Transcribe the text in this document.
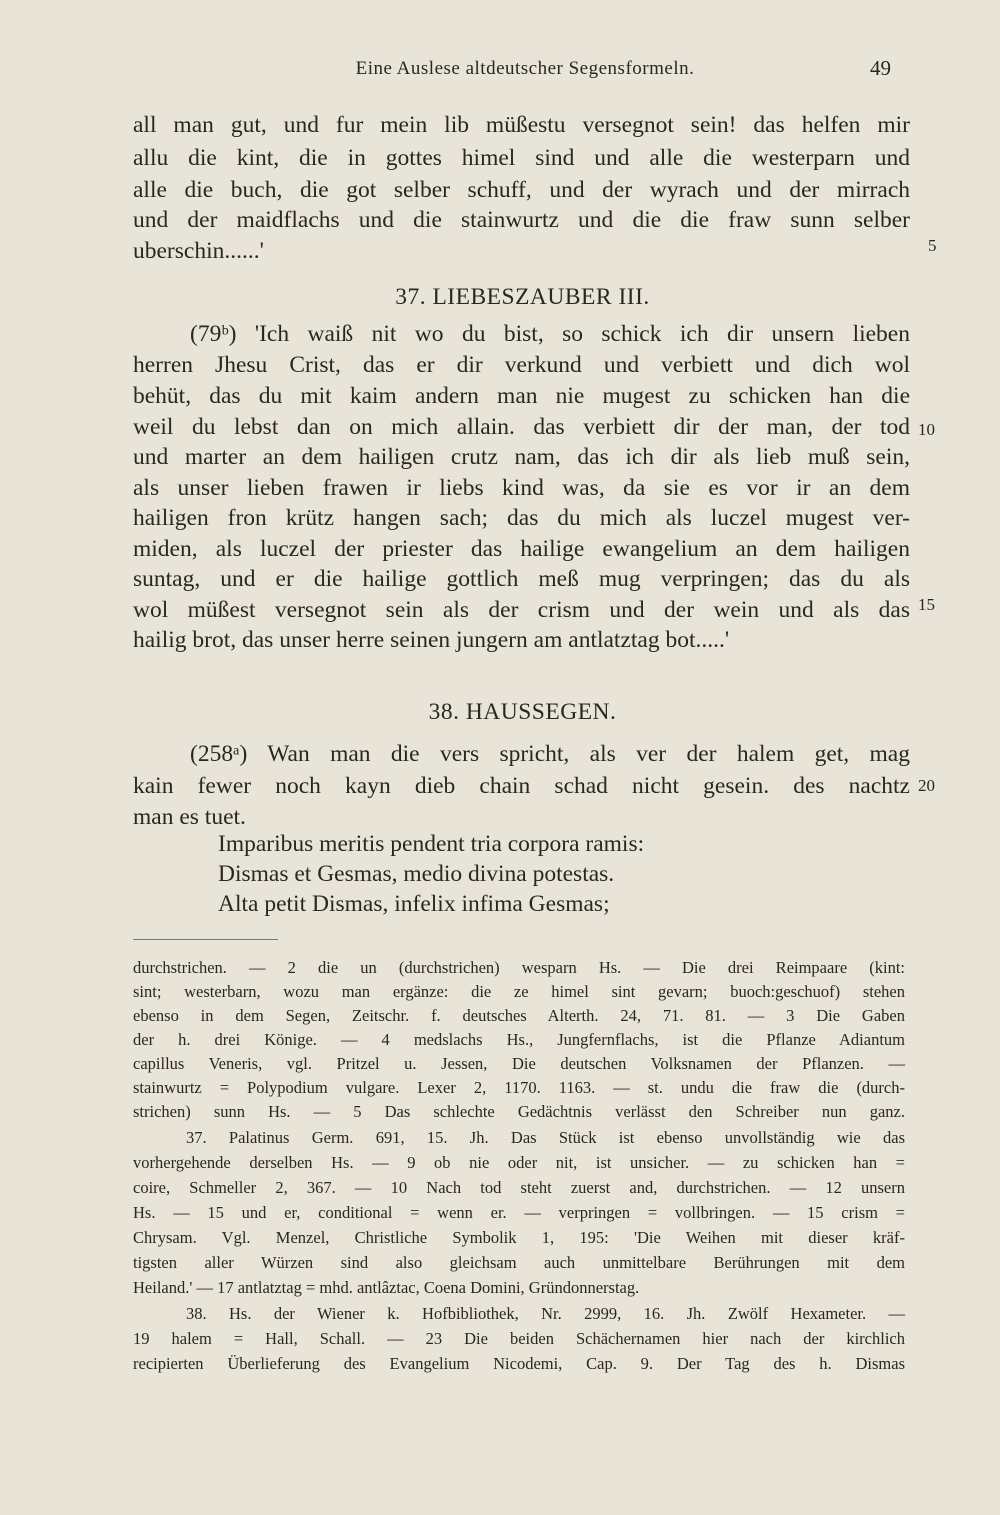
Eine Auslese altdeutscher Segensformeln.	49
all man gut, und fur mein lib müßestu versegnot sein! das helfen mir
allu die kint, die in gottes himel sind und alle die westerparn und
alle die buch, die got selber schuff, und der wyrach und der mirrach
und der maidflachs und die stainwurtz und die die fraw sunn selber
uberschin......'	5
37. LIEBESZAUBER III.
(79ᵇ) 'Ich waiß nit wo du bist, so schick ich dir unsern lieben
herren Jhesu Crist, das er dir verkund und verbiett und dich wol
behüt, das du mit kaim andern man nie mugest zu schicken han die
weil du lebst dan on mich allain. das verbiett dir der man, der tod 10
und marter an dem hailigen crutz nam, das ich dir als lieb muß sein,
als unser lieben frawen ir liebs kind was, da sie es vor ir an dem
hailigen fron krütz hangen sach; das du mich als luczel mugest ver-
miden, als luczel der priester das hailige ewangelium an dem hailigen
suntag, und er die hailige gottlich meß mug verpringen; das du als
15
wol müßest versegnot sein als der crism und der wein und als das
hailig brot, das unser herre seinen jungern am antlatztag bot.....'
38. HAUSSEGEN.
(258ᵃ) Wan man die vers spricht, als ver der halem get, mag
kain fewer noch kayn dieb chain schad nicht gesein. des nachtz 20
man es tuet.
Imparibus meritis pendent tria corpora ramis:
Dismas et Gesmas, medio divina potestas.
Alta petit Dismas, infelix infima Gesmas;
durchstrichen. — 2 die un (durchstrichen) wesparn Hs. — Die drei Reimpaare (kint:
sint; westerbarn, wozu man ergänze: die ze himel sint gevarn; buoch:geschuof) stehen
ebenso in dem Segen, Zeitschr. f. deutsches Alterth. 24, 71. 81. — 3 Die Gaben
der h. drei Könige. — 4 medslachs Hs., Jungfernflachs, ist die Pflanze Adiantum
capillus Veneris, vgl. Pritzel u. Jessen, Die deutschen Volksnamen der Pflanzen. —
stainwurtz = Polypodium vulgare. Lexer 2, 1170. 1163. — st. undu die fraw die (durch-
strichen) sunn Hs. — 5 Das schlechte Gedächtnis verlässt den Schreiber nun ganz.
37. Palatinus Germ. 691, 15. Jh. Das Stück ist ebenso unvollständig wie das
vorhergehende derselben Hs. — 9 ob nie oder nit, ist unsicher. — zu schicken han =
coire, Schmeller 2, 367. — 10 Nach tod steht zuerst and, durchstrichen. — 12 unsern
Hs. — 15 und er, conditional = wenn er. — verpringen = vollbringen. — 15 crism =
Chrysam. Vgl. Menzel, Christliche Symbolik 1, 195: 'Die Weihen mit dieser kräf-
tigsten aller Würzen sind also gleichsam auch unmittelbare Berührungen mit dem
Heiland.' — 17 antlatztag = mhd. antlâztac, Coena Domini, Gründonnerstag.
38. Hs. der Wiener k. Hofbibliothek, Nr. 2999, 16. Jh. Zwölf Hexameter. —
19 halem = Hall, Schall. — 23 Die beiden Schächernamen hier nach der kirchlich
recipierten Überlieferung des Evangelium Nicodemi, Cap. 9. Der Tag des h. Dismas
